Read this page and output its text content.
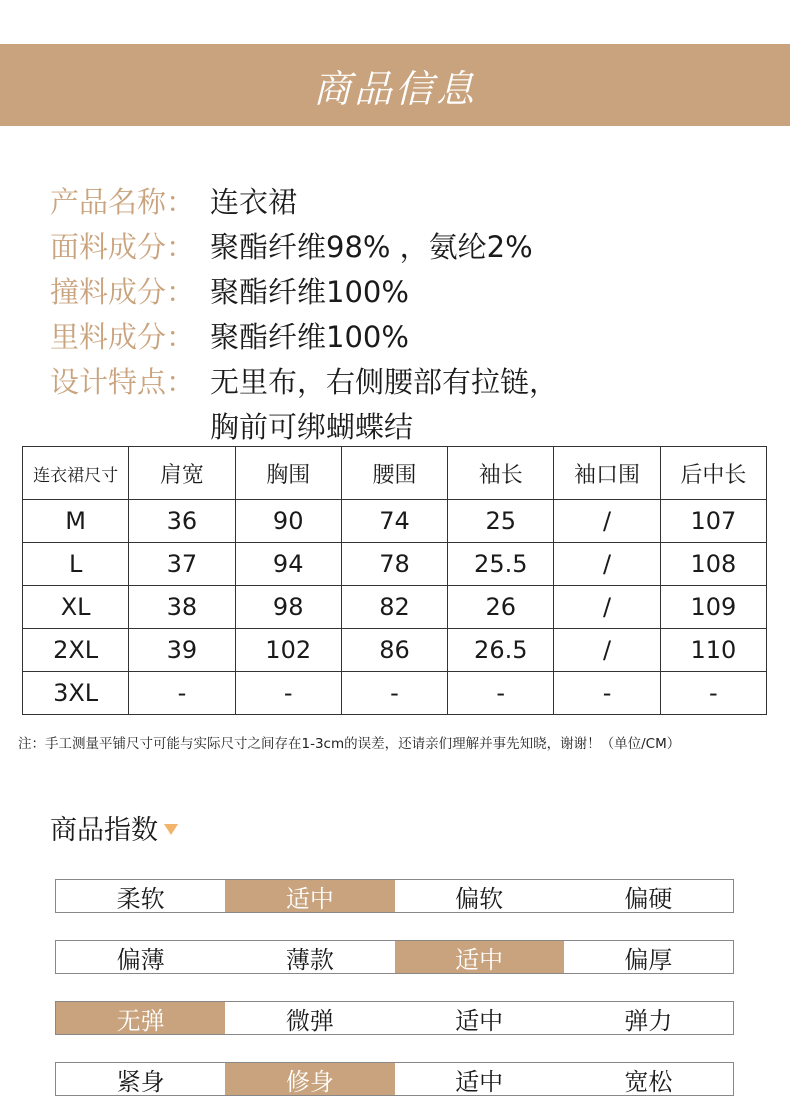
商品信息
产品名称： 连衣裙
面料成分： 聚酯纤维98% ，氨纶2%
撞料成分： 聚酯纤维100%
里料成分： 聚酯纤维100%
设计特点： 无里布，右侧腰部有拉链，
胸前可绑蝴蝶结
连衣裙尺寸	肩宽	胸围	腰围	袖长	袖口围	后中长
M	36	90	74	25	/	107
L	37	94	78	25.5	/	108
XL	38	98	82	26	/	109
2XL	39	102	86	26.5	/	110
3XL	-	-	-	-	-	-
注：手工测量平铺尺寸可能与实际尺寸之间存在1-3cm的误差，还请亲们理解并事先知晓，谢谢！（单位/CM）
商品指数
柔软	适中	偏软	偏硬
偏薄	薄款	适中	偏厚
无弹	微弹	适中	弹力
紧身	修身	适中	宽松
